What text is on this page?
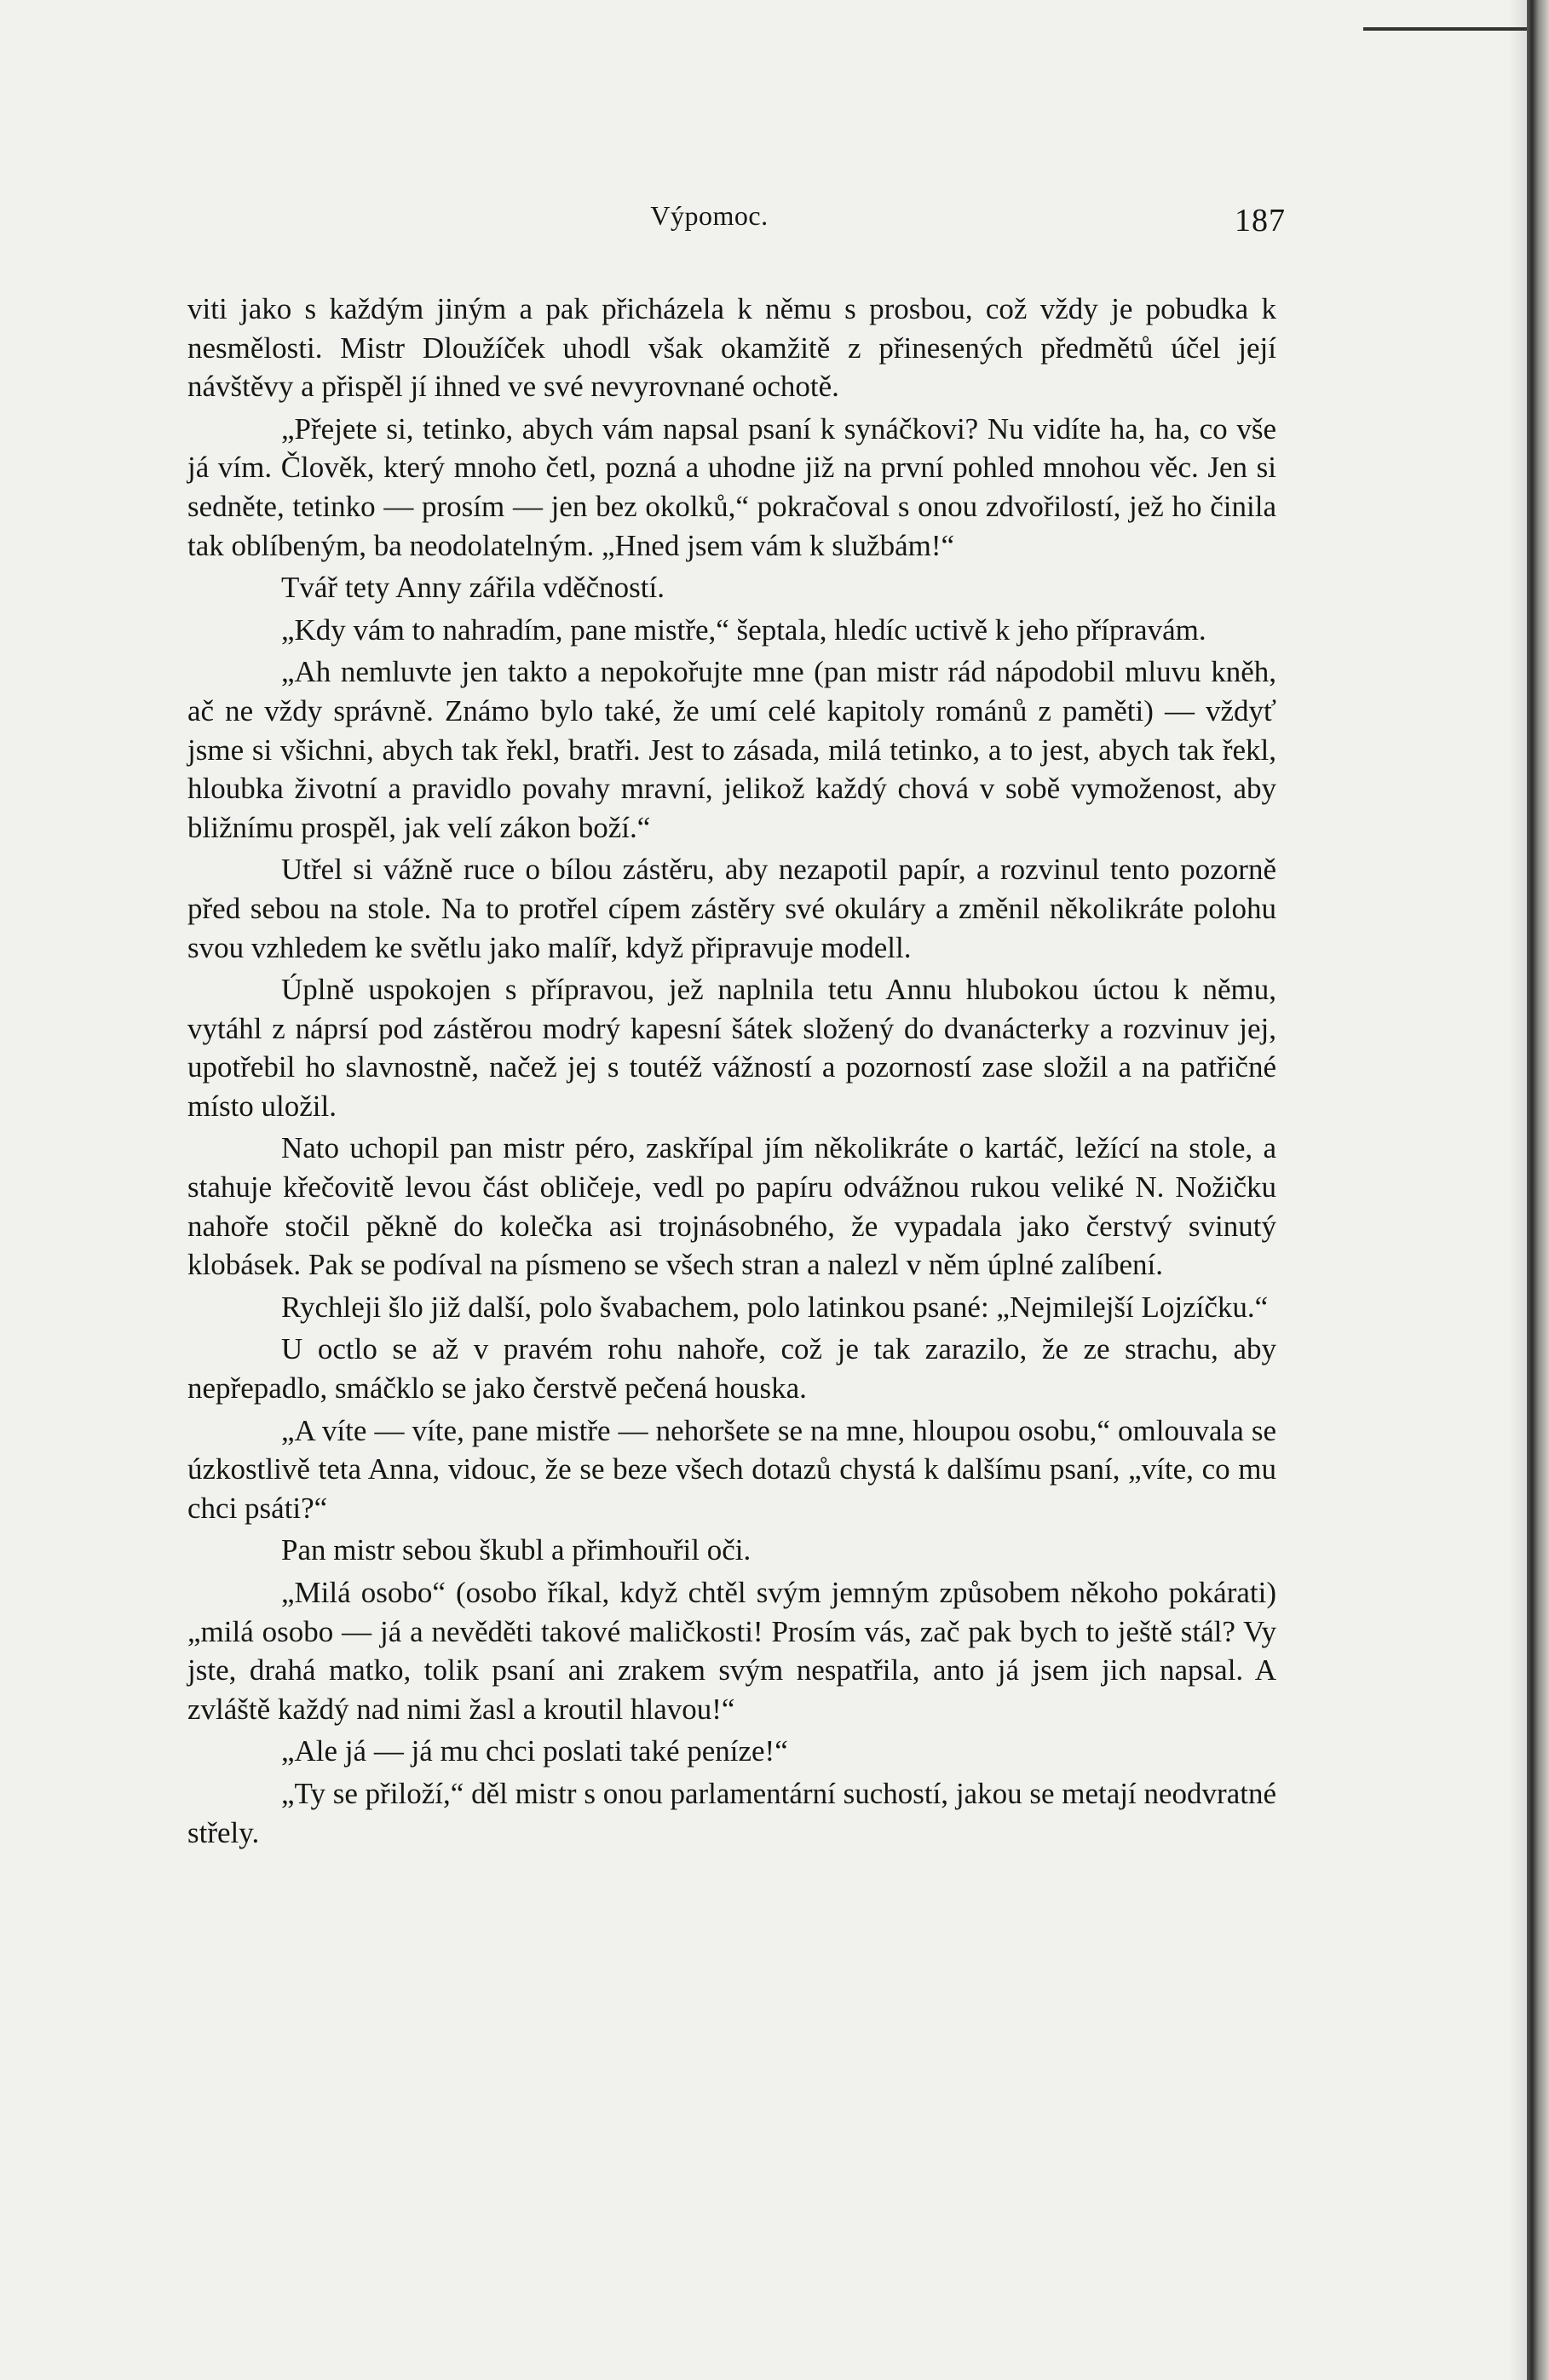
Výpomoc.	187

viti jako s každým jiným a pak přicházela k němu s prosbou, což vždy je pobudka k nesmělosti. Mistr Dloužíček uhodl však okamžitě z přinesených předmětů účel její návštěvy a přispěl jí ihned ve své nevyrovnané ochotě.

„Přejete si, tetinko, abych vám napsal psaní k synáčkovi? Nu vidíte ha, ha, co vše já vím. Člověk, který mnoho četl, pozná a uhodne již na první pohled mnohou věc. Jen si sedněte, tetinko — prosím — jen bez okolků,“ pokračoval s onou zdvořilostí, jež ho činila tak oblíbeným, ba neodolatelným. „Hned jsem vám k službám!“

Tvář tety Anny zářila vděčností.

„Kdy vám to nahradím, pane mistře,“ šeptala, hledíc uctivě k jeho přípravám.

„Ah nemluvte jen takto a nepokořujte mne (pan mistr rád nápodobil mluvu kněh, ač ne vždy správně. Známo bylo také, že umí celé kapitoly románů z paměti) — vždyť jsme si všichni, abych tak řekl, bratři. Jest to zásada, milá tetinko, a to jest, abych tak řekl, hloubka životní a pravidlo povahy mravní, jelikož každý chová v sobě vymoženost, aby bližnímu prospěl, jak velí zákon boží.“

Utřel si vážně ruce o bílou zástěru, aby nezapotil papír, a rozvinul tento pozorně před sebou na stole. Na to protřel cípem zástěry své okuláry a změnil několikráte polohu svou vzhledem ke světlu jako malíř, když připravuje modell.

Úplně uspokojen s přípravou, jež naplnila tetu Annu hlubokou úctou k němu, vytáhl z náprsí pod zástěrou modrý kapesní šátek složený do dvanácterky a rozvinuv jej, upotřebil ho slavnostně, načež jej s toutéž vážností a pozorností zase složil a na patřičné místo uložil.

Nato uchopil pan mistr péro, zaskřípal jím několikráte o kartáč, ležící na stole, a stahuje křečovitě levou část obličeje, vedl po papíru odvážnou rukou veliké N. Nožičku nahoře stočil pěkně do kolečka asi trojnásobného, že vypadala jako čerstvý svinutý klobásek. Pak se podíval na písmeno se všech stran a nalezl v něm úplné zalíbení.

Rychleji šlo již další, polo švabachem, polo latinkou psané: „Nejmilejší Lojzíčku.“

U octlo se až v pravém rohu nahoře, což je tak zarazilo, že ze strachu, aby nepřepadlo, smáčklo se jako čerstvě pečená houska.

„A víte — víte, pane mistře — nehoršete se na mne, hloupou osobu,“ omlouvala se úzkostlivě teta Anna, vidouc, že se beze všech dotazů chystá k dalšímu psaní, „víte, co mu chci psáti?“

Pan mistr sebou škubl a přimhouřil oči.

„Milá osobo“ (osobo říkal, když chtěl svým jemným způsobem někoho pokárati) „milá osobo — já a nevěděti takové maličkosti! Prosím vás, zač pak bych to ještě stál? Vy jste, drahá matko, tolik psaní ani zrakem svým nespatřila, anto já jsem jich napsal. A zvláště každý nad nimi žasl a kroutil hlavou!“

„Ale já — já mu chci poslati také peníze!“

„Ty se přiloží,“ děl mistr s onou parlamentární suchostí, jakou se metají neodvratné střely.
